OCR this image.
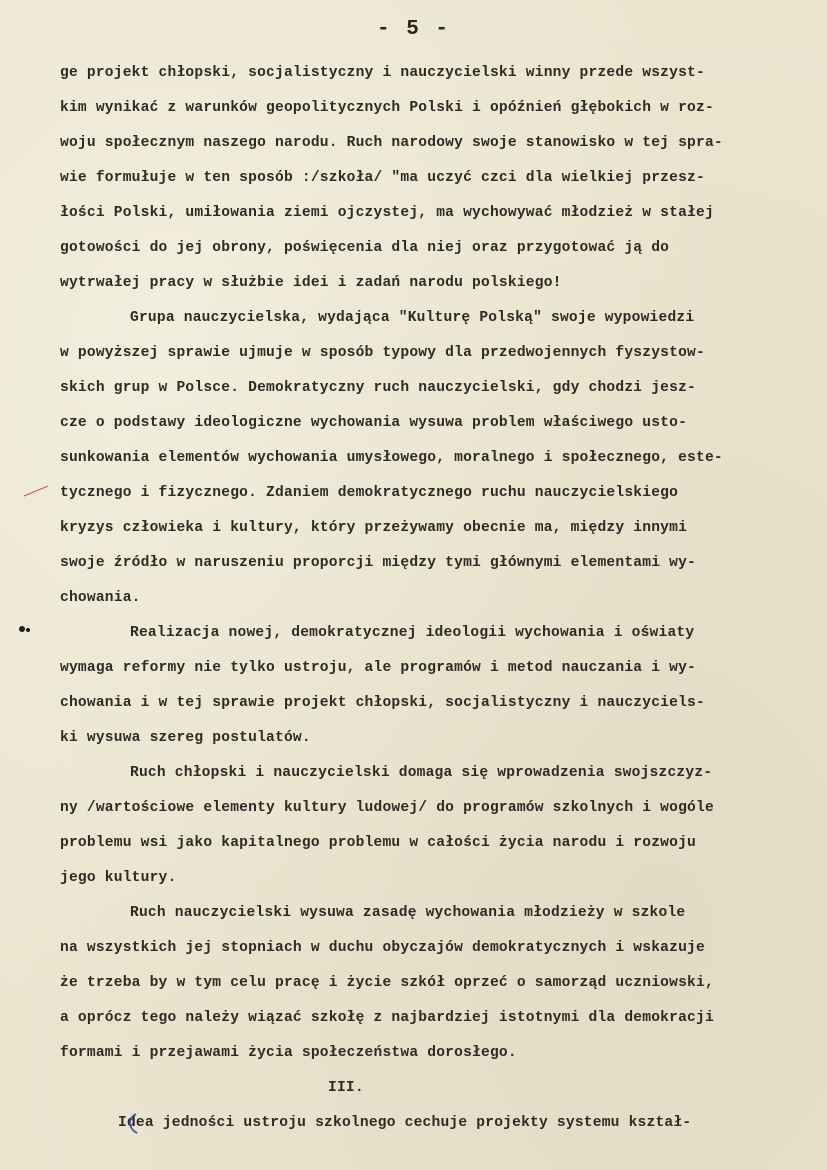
- 5 -
ge projekt chłopski, socjalistyczny i nauczycielski winny przede wszyst-
kim wynikać z warunków geopolitycznych Polski i opóźnień głębokich w roz-
woju społecznym naszego narodu. Ruch narodowy swoje stanowisko w tej spra-
wie formułuje w ten sposób :/szkoła/ "ma uczyć czci dla wielkiej przesz-
łości Polski, umiłowania ziemi ojczystej, ma wychowywać młodzież w stałej
gotowości do jej obrony, poświęcenia dla niej oraz przygotować ją do
wytrwałej pracy w służbie idei i zadań narodu polskiego!
Grupa nauczycielska, wydająca "Kulturę Polską" swoje wypowiedzi
w powyższej sprawie ujmuje w sposób typowy dla przedwojennych fyszystow-
skich grup w Polsce. Demokratyczny ruch nauczycielski, gdy chodzi jesz-
cze o podstawy ideologiczne wychowania wysuwa problem właściwego usto-
sunkowania elementów wychowania umysłowego, moralnego i społecznego, este-
tycznego i fizycznego. Zdaniem demokratycznego ruchu nauczycielskiego
kryzys człowieka i kultury, który przeżywamy obecnie ma, między innymi
swoje źródło w naruszeniu proporcji między tymi głównymi elementami wy-
chowania.
Realizacja nowej, demokratycznej ideologii wychowania i oświaty
wymaga reformy nie tylko ustroju, ale programów i metod nauczania i wy-
chowania i w tej sprawie projekt chłopski, socjalistyczny i nauczyciels-
ki wysuwa szereg postulatów.
Ruch chłopski i nauczycielski domaga się wprowadzenia swojszczyz-
ny /wartościowe elementy kultury ludowej/ do programów szkolnych i wogóle
problemu wsi jako kapitalnego problemu w całości życia narodu i rozwoju
jego kultury.
Ruch nauczycielski wysuwa zasadę wychowania młodzieży w szkole
na wszystkich jej stopniach w duchu obyczajów demokratycznych i wskazuje
że trzeba by w tym celu pracę i życie szkół oprzeć o samorząd uczniowski,
a oprócz tego należy wiązać szkołę z najbardziej istotnymi dla demokracji
formami i przejawami życia społeczeństwa dorosłego.
III.
Idea jedności ustroju szkolnego cechuje projekty systemu kształ-
